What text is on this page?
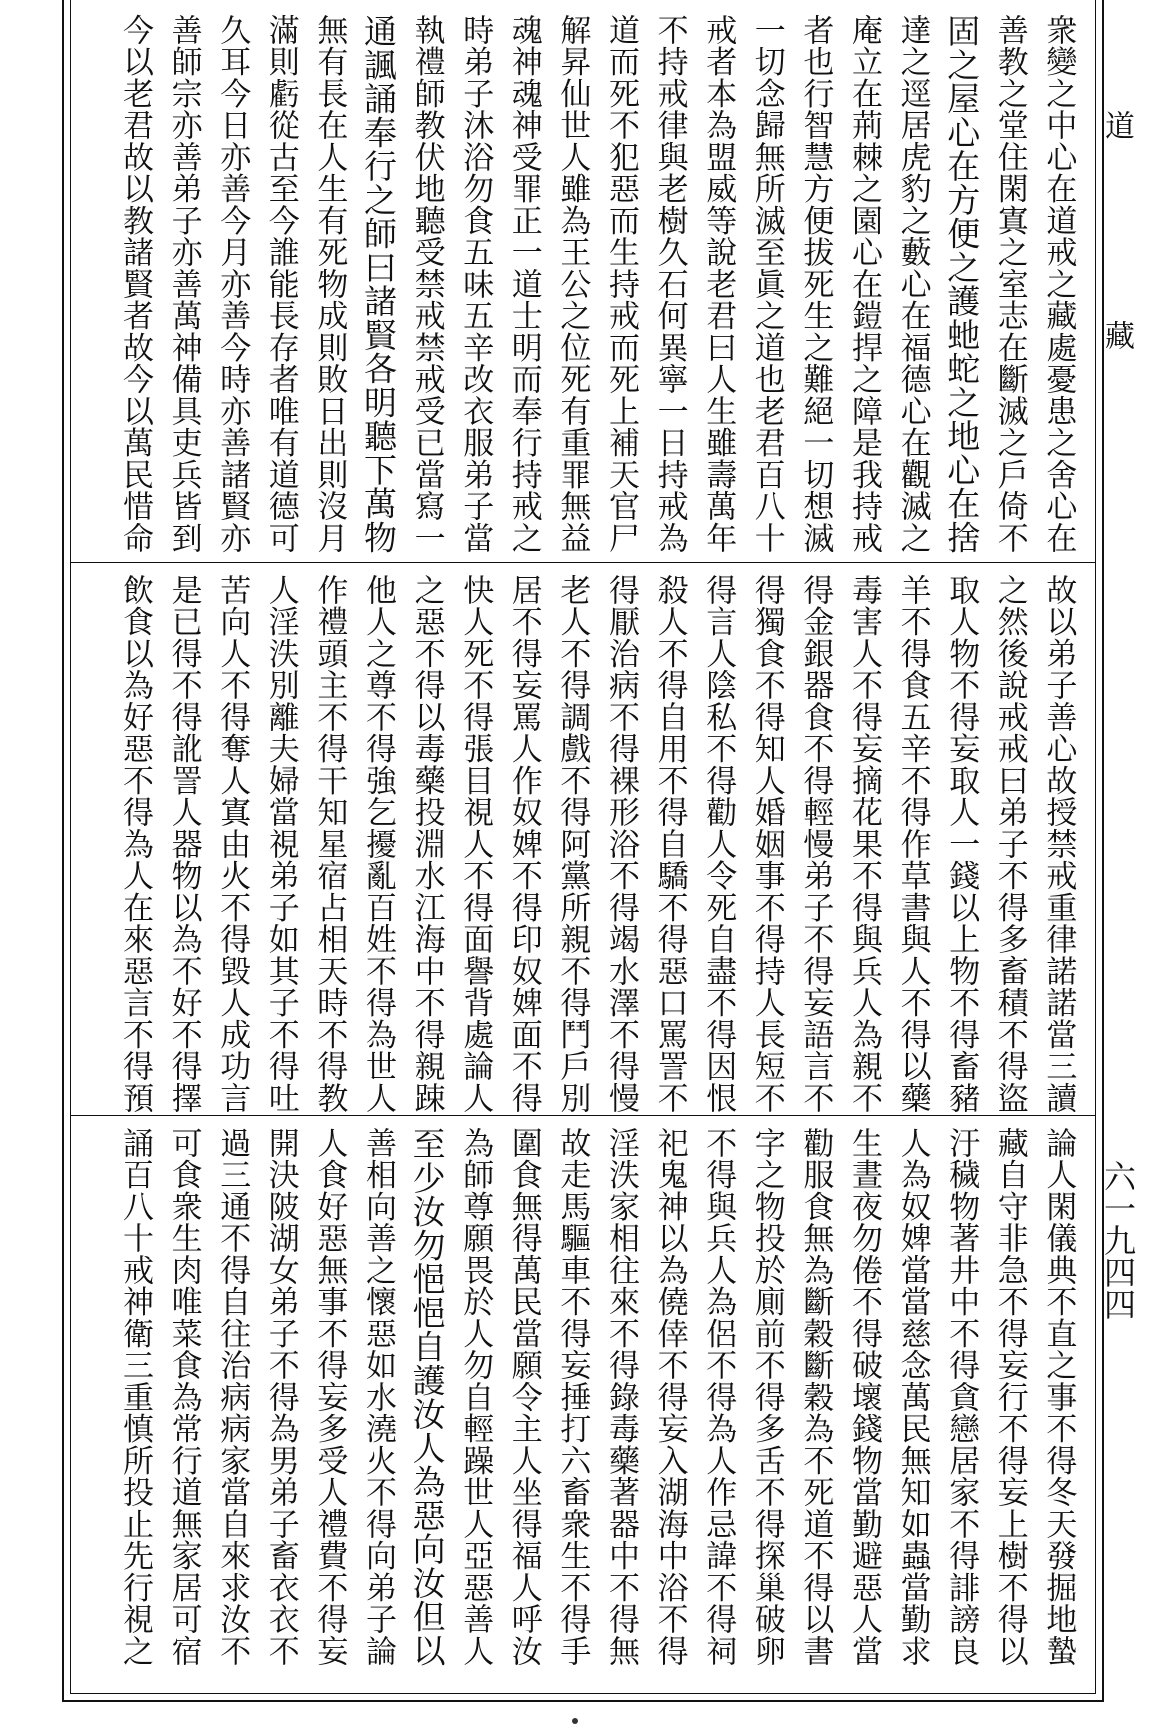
衆變之中心在道戒之藏處憂患之舍心在
善教之堂住閑寘之室志在斷滅之戶倚不
固之屋心在方便之護虵蛇之地心在捨
達之逕居虎豹之藪心在福德心在觀滅之
庵立在荊棘之園心在鎧捍之障是我持戒
者也行智慧方便拔死生之難絕一切想滅
一切念歸無所滅至眞之道也老君百八十
戒者本為盟威等說老君曰人生雖壽萬年
不持戒律與老樹久石何異寧一日持戒為
道而死不犯惡而生持戒而死上補天官尸
解昇仙世人雖為王公之位死有重罪無益
魂神魂神受罪正一道士明而奉行持戒之
時弟子沐浴勿食五味五辛改衣服弟子當
執禮師教伏地聽受禁戒禁戒受已當寫一
通諷誦奉行之師曰諸賢各明聽下萬物
無有長在人生有死物成則敗日出則沒月
滿則虧從古至今誰能長存者唯有道德可
久耳今日亦善今月亦善今時亦善諸賢亦
善師宗亦善弟子亦善萬神備具吏兵皆到
今以老君故以教諸賢者故今以萬民惜命
故以弟子善心故授禁戒重律諾諾當三讀
之然後說戒戒曰弟子不得多畜積不得盜
取人物不得妄取人一錢以上物不得畜豬
羊不得食五辛不得作草書與人不得以藥
毒害人不得妄摘花果不得與兵人為親不
得金銀器食不得輕慢弟子不得妄語言不
得獨食不得知人婚姻事不得持人長短不
得言人陰私不得勸人令死自盡不得因恨
殺人不得自用不得自驕不得惡口罵詈不
得厭治病不得裸形浴不得竭水澤不得慢
老人不得調戲不得阿黨所親不得鬥戶別
居不得妄罵人作奴婢不得印奴婢面不得
快人死不得張目視人不得面譽背處論人
之惡不得以毒藥投淵水江海中不得親踈
他人之尊不得強乞擾亂百姓不得為世人
作禮頭主不得干知星宿占相天時不得教
人淫泆別離夫婦當視弟子如其子不得吐
苦向人不得奪人寘由火不得毀人成功言
是已得不得訛詈人器物以為不好不得擇
飲食以為好惡不得為人在來惡言不得預
論人閑儀典不直之事不得冬天發掘地蟄
藏自守非急不得妄行不得妄上樹不得以
汙穢物著井中不得貪戀居家不得誹謗良
人為奴婢當當慈念萬民無知如蟲當勤求
生晝夜勿倦不得破壞錢物當勤避惡人當
勸服食無為斷穀斷穀為不死道不得以書
字之物投於廁前不得多舌不得探巢破卵
不得與兵人為侶不得為人作忌諱不得祠
祀鬼神以為僥倖不得妄入湖海中浴不得
淫泆家相往來不得錄毒藥著器中不得無
故走馬驅車不得妄捶打六畜衆生不得手
圍食無得萬民當願令主人坐得福人呼汝
為師尊願畏於人勿自輕躁世人亞惡善人
至少汝勿悒悒自護汝人為惡向汝但以
善相向善之懷惡如水澆火不得向弟子論
人食好惡無事不得妄多受人禮費不得妄
開決陂湖女弟子不得為男弟子畜衣衣不
過三通不得自往治病病家當自來求汝不
可食衆生肉唯菜食為常行道無家居可宿
誦百八十戒神衛三重慎所投止先行視之
道
藏
六一九四四
